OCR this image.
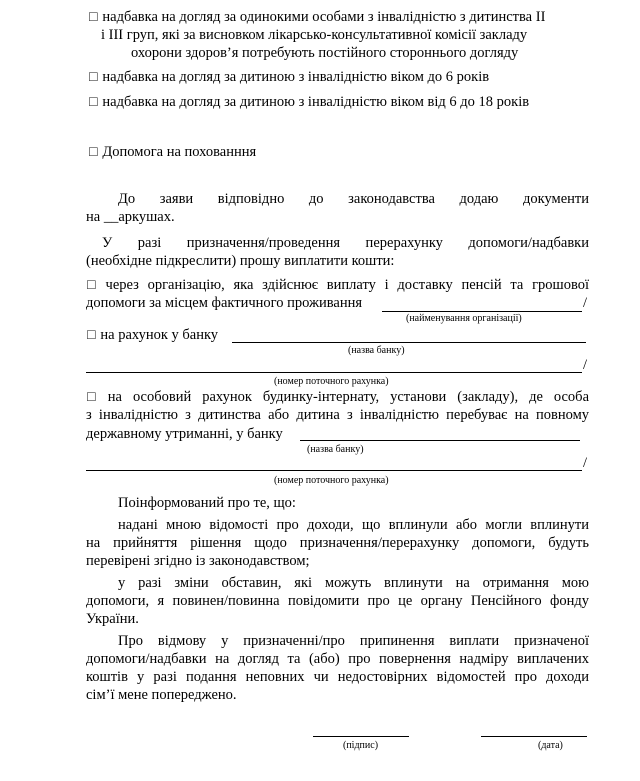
☐ надбавка на догляд за одинокими особами з інвалідністю з дитинства II
і III груп, які за висновком лікарсько-консультативної комісії закладу
охорони здоров’я потребують постійного стороннього догляду
☐ надбавка на догляд за дитиною з інвалідністю віком до 6 років
☐ надбавка на догляд за дитиною з інвалідністю віком від 6 до 18 років
☐ Допомога на похованння
До заяви відповідно до законодавства додаю документи
на __аркушах.
У разі призначення/проведення перерахунку допомоги/надбавки
(необхідне підкреслити) прошу виплатити кошти:
☐ через організацію, яка здійснює виплату і доставку пенсій та грошової
допомоги за місцем фактичного проживання	/
(найменування організації)
☐ на рахунок у банку
(назва банку)
/
(номер поточного рахунка)
☐ на особовий рахунок будинку-інтернату, установи (закладу), де особа
з інвалідністю з дитинства або дитина з інвалідністю перебуває на повному
державному утриманні, у банку
(назва банку)
/
(номер поточного рахунка)
Поінформований про те, що:
надані мною відомості про доходи, що вплинули або могли вплинути
на прийняття рішення щодо призначення/перерахунку допомоги, будуть
перевірені згідно із законодавством;
у разі зміни обставин, які можуть вплинути на отримання мою
допомоги, я повинен/повинна повідомити про це органу Пенсійного фонду
України.
Про відмову у призначенні/про припинення виплати призначеної
допомоги/надбавки на догляд та (або) про повернення надміру виплачених
коштів у разі подання неповних чи недостовірних відомостей про доходи
сім’ї мене попереджено.
(підпис)	(дата)
